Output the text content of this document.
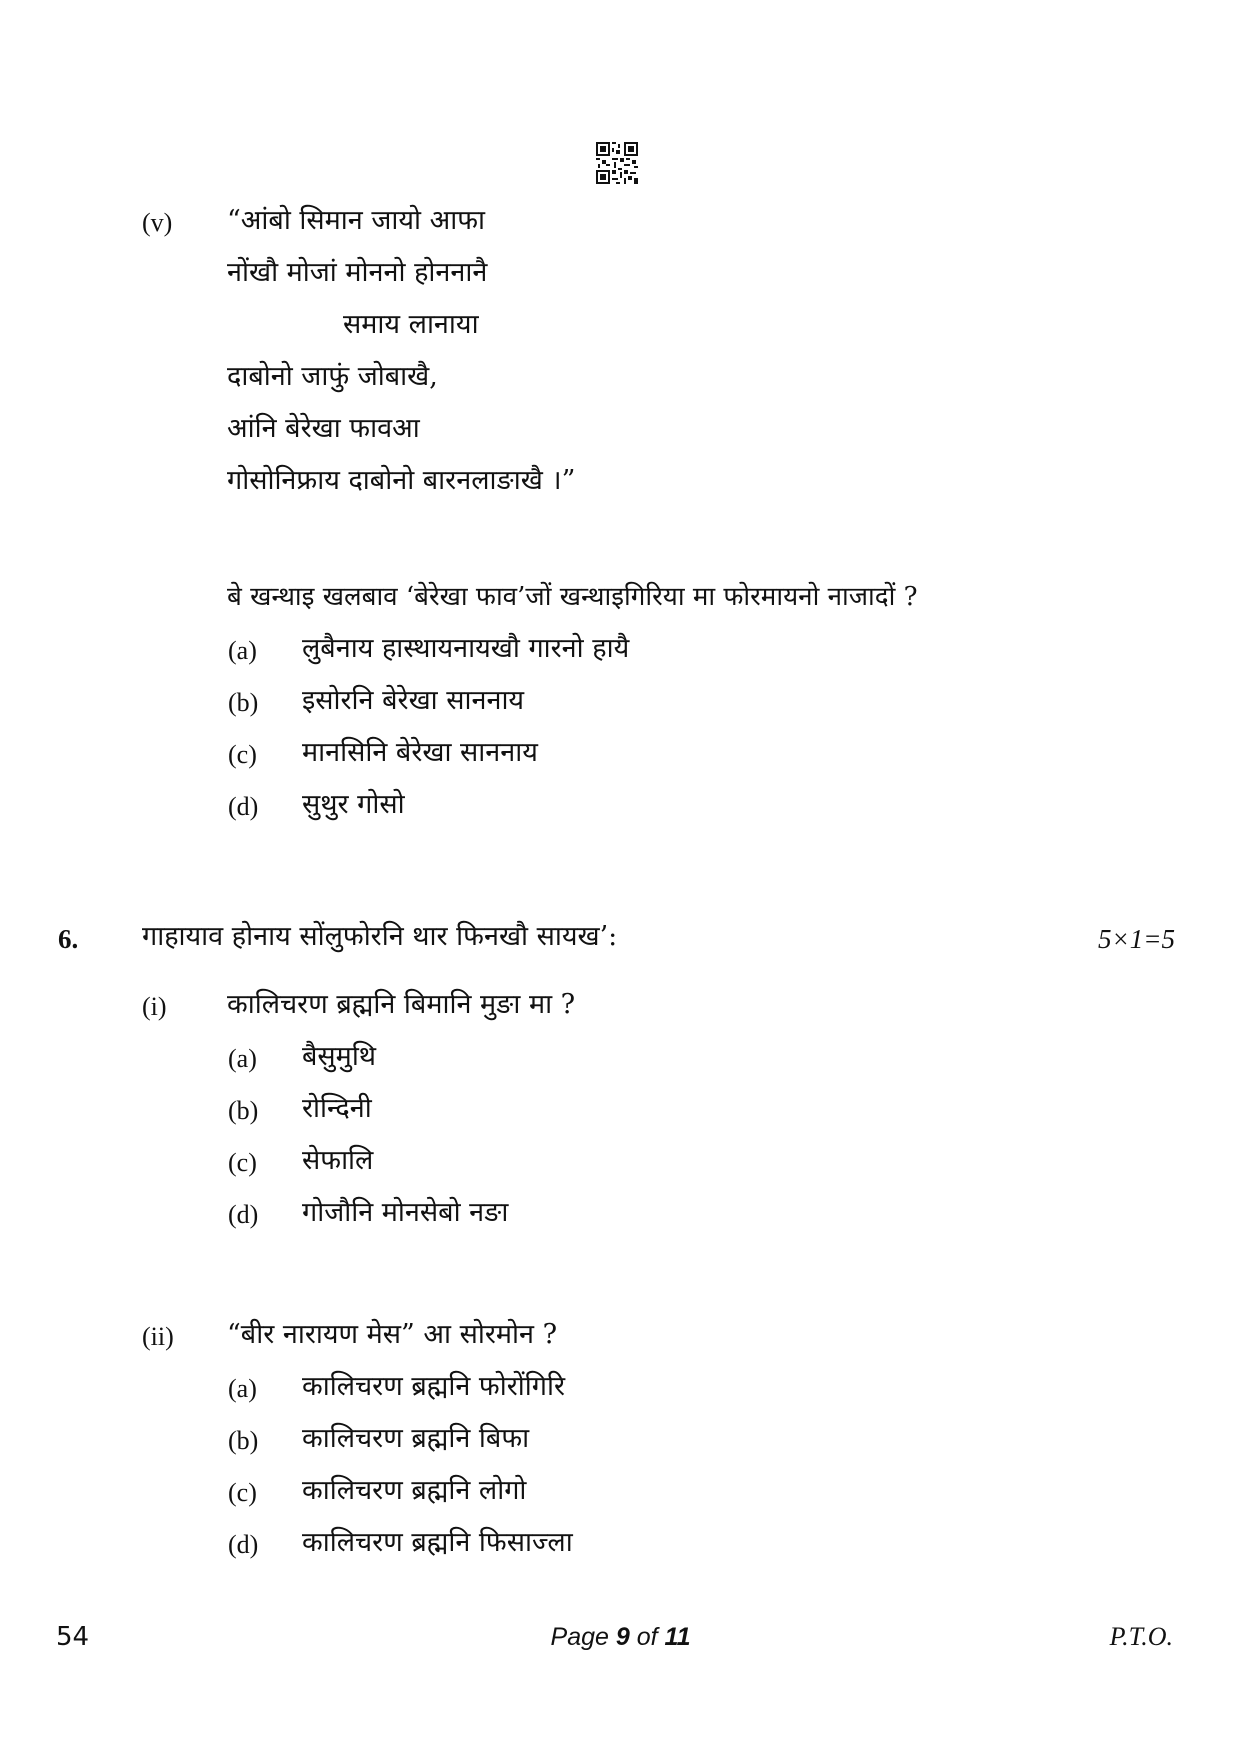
(v) “आंबो सिमान जायो आफा
नोंखौ मोजां मोननो होननानै
समाय लानाया
दाबोनो जाफुं जोबाखै,
आंनि बेरेखा फावआ
गोसोनिफ्राय दाबोनो बारनलाङाखै ।”
बे खन्थाइ खलबाव ‘बेरेखा फाव’जों खन्थाइगिरिया मा फोरमायनो नाजादों ?
(a) लुबैनाय हास्थायनायखौ गारनो हायै
(b) इसोरनि बेरेखा साननाय
(c) मानसिनि बेरेखा साननाय
(d) सुथुर गोसो
6. गाहायाव होनाय सोंलुफोरनि थार फिनखौ सायख’:	5×1=5
(i) कालिचरण ब्रह्मनि बिमानि मुङा मा ?
(a) बैसुमुथि
(b) रोन्दिनी
(c) सेफालि
(d) गोजौनि मोनसेबो नङा
(ii) “बीर नारायण मेस” आ सोरमोन ?
(a) कालिचरण ब्रह्मनि फोरोंगिरि
(b) कालिचरण ब्रह्मनि बिफा
(c) कालिचरण ब्रह्मनि लोगो
(d) कालिचरण ब्रह्मनि फिसाज्ला
54	Page 9 of 11	P.T.O.
